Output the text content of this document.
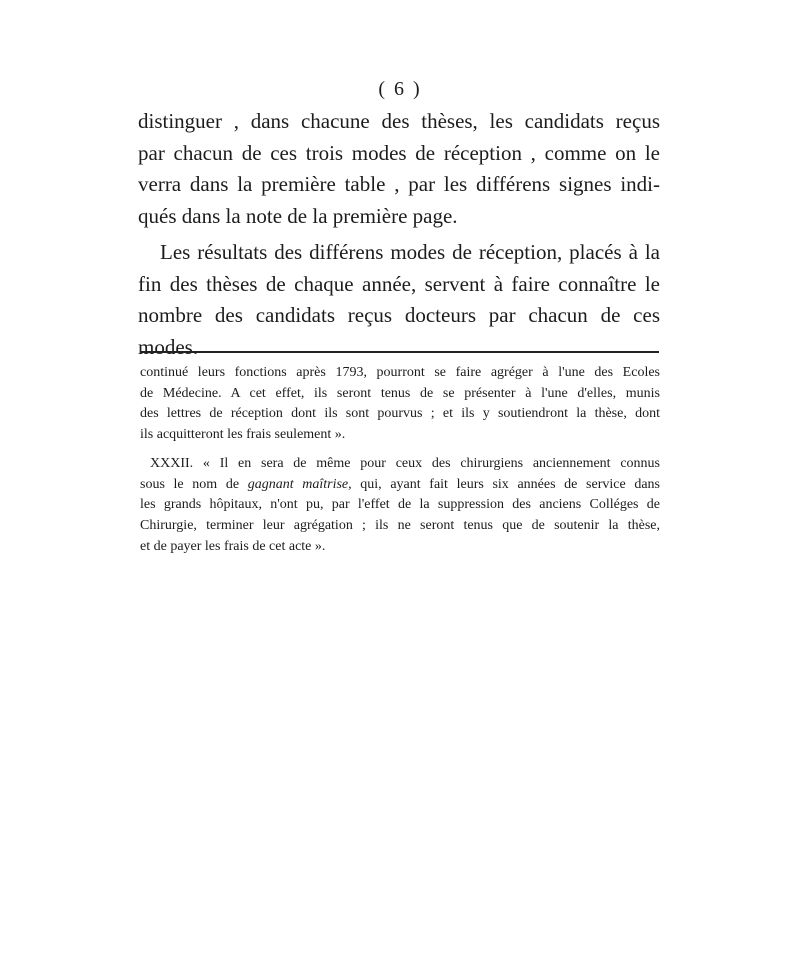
( 6 )
distinguer , dans chacune des thèses, les candidats reçus
par chacun de ces trois modes de réception , comme on le
verra dans la première table , par les différens signes indi-
qués dans la note de la première page.
Les résultats des différens modes de réception, placés à la
fin des thèses de chaque année, servent à faire connaître le
nombre des candidats reçus docteurs par chacun de ces
modes.
continué leurs fonctions après 1793, pourront se faire agréger à l'une des Ecoles
de Médecine. A cet effet, ils seront tenus de se présenter à l'une d'elles, munis
des lettres de réception dont ils sont pourvus ; et ils y soutiendront la thèse, dont
ils acquitteront les frais seulement ».
XXXII. « Il en sera de même pour ceux des chirurgiens anciennement connus
sous le nom de gagnant maîtrise, qui, ayant fait leurs six années de service dans
les grands hôpitaux, n'ont pu, par l'effet de la suppression des anciens Colléges de
Chirurgie, terminer leur agrégation ; ils ne seront tenus que de soutenir la thèse,
et de payer les frais de cet acte ».
